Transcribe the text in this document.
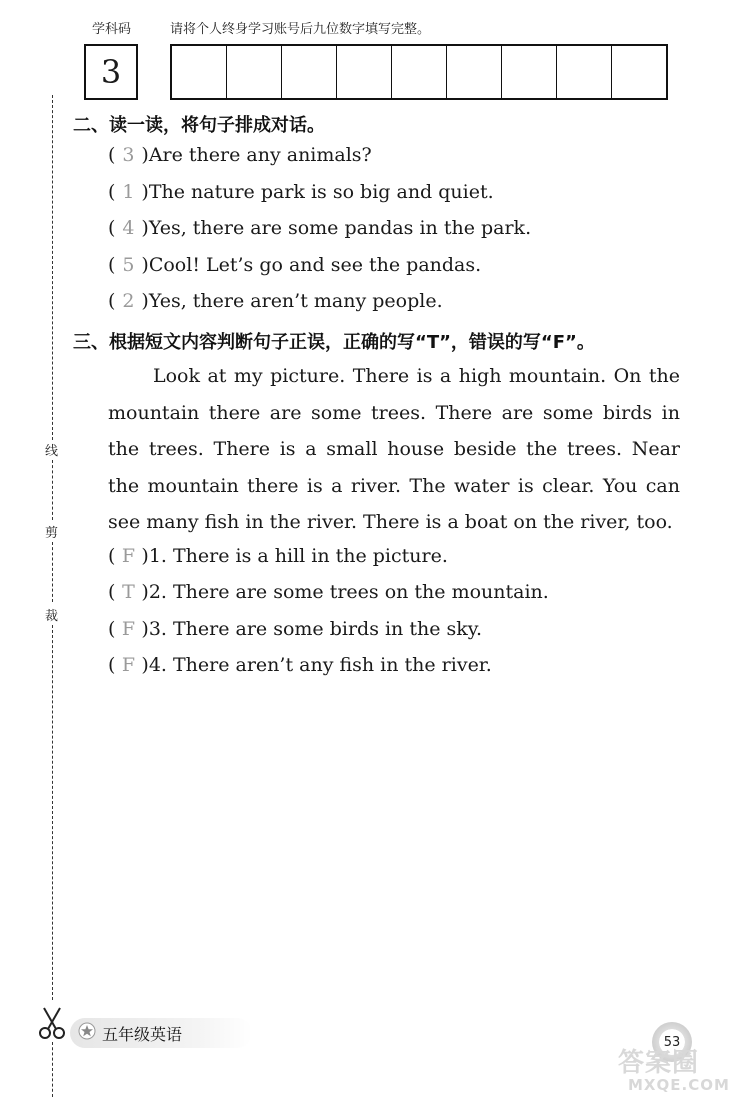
学科码	请将个人终身学习账号后九位数字填写完整。
3
线
剪
裁
二、读一读，将句子排成对话。
( 3 )Are there any animals?
( 1 )The nature park is so big and quiet.
( 4 )Yes, there are some pandas in the park.
( 5 )Cool! Let’s go and see the pandas.
( 2 )Yes, there aren’t many people.
三、根据短文内容判断句子正误，正确的写“T”，错误的写“F”。
Look at my picture. There is a high mountain. On the mountain there are some trees. There are some birds in the trees. There is a small house beside the trees. Near the mountain there is a river. The water is clear. You can see many fish in the river. There is a boat on the river, too.
( F )1. There is a hill in the picture.
( T )2. There are some trees on the mountain.
( F )3. There are some birds in the sky.
( F )4. There aren’t any fish in the river.
五年级英语	53
答案圈
MXQE.COM
